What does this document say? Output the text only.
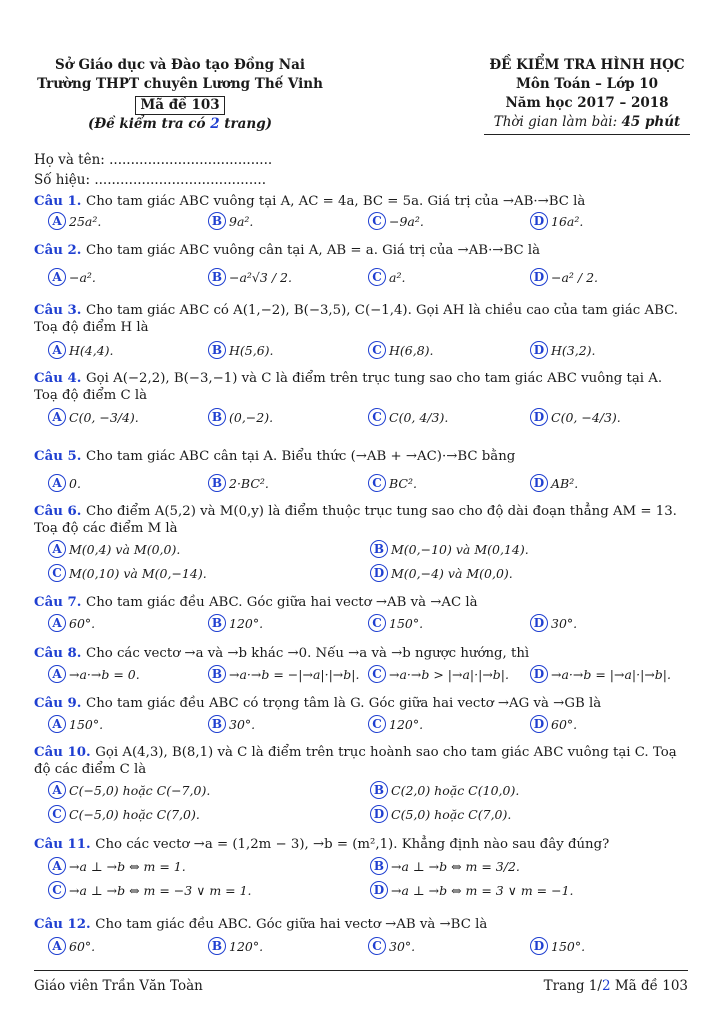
Sở Giáo dục và Đào tạo Đồng Nai
Trường THPT chuyên Lương Thế Vinh
Mã đề 103
(Đề kiểm tra có 2 trang)
ĐỀ KIỂM TRA HÌNH HỌC
Môn Toán – Lớp 10
Năm học 2017 – 2018
Thời gian làm bài: 45 phút
Họ và tên: ......................................
Số hiệu: ........................................
Câu 1. Cho tam giác ABC vuông tại A, AC = 4a, BC = 5a. Giá trị của →AB·→BC là
A 25a².	B 9a².	C −9a².	D 16a².
Câu 2. Cho tam giác ABC vuông cân tại A, AB = a. Giá trị của →AB·→BC là
A −a².	B −a²√3 / 2.	C a².	D −a² / 2.
Câu 3. Cho tam giác ABC có A(1,−2), B(−3,5), C(−1,4). Gọi AH là chiều cao của tam giác ABC. Toạ độ điểm H là
A H(4,4).	B H(5,6).	C H(6,8).	D H(3,2).
Câu 4. Gọi A(−2,2), B(−3,−1) và C là điểm trên trục tung sao cho tam giác ABC vuông tại A. Toạ độ điểm C là
A C(0, −3/4).	B (0,−2).	C C(0, 4/3).	D C(0, −4/3).
Câu 5. Cho tam giác ABC cân tại A. Biểu thức (→AB + →AC)·→BC bằng
A 0.	B 2·BC².	C BC².	D AB².
Câu 6. Cho điểm A(5,2) và M(0,y) là điểm thuộc trục tung sao cho độ dài đoạn thẳng AM = 13. Toạ độ các điểm M là
A M(0,4) và M(0,0).	B M(0,−10) và M(0,14).
C M(0,10) và M(0,−14).	D M(0,−4) và M(0,0).
Câu 7. Cho tam giác đều ABC. Góc giữa hai vectơ →AB và →AC là
A 60°.	B 120°.	C 150°.	D 30°.
Câu 8. Cho các vectơ →a và →b khác →0. Nếu →a và →b ngược hướng, thì
A →a·→b = 0.	B →a·→b = −|→a|·|→b|.	C →a·→b > |→a|·|→b|.	D →a·→b = |→a|·|→b|.
Câu 9. Cho tam giác đều ABC có trọng tâm là G. Góc giữa hai vectơ →AG và →GB là
A 150°.	B 30°.	C 120°.	D 60°.
Câu 10. Gọi A(4,3), B(8,1) và C là điểm trên trục hoành sao cho tam giác ABC vuông tại C. Toạ độ các điểm C là
A C(−5,0) hoặc C(−7,0).	B C(2,0) hoặc C(10,0).
C C(−5,0) hoặc C(7,0).	D C(5,0) hoặc C(7,0).
Câu 11. Cho các vectơ →a = (1,2m − 3), →b = (m²,1). Khẳng định nào sau đây đúng?
A →a ⊥ →b ⇔ m = 1.	B →a ⊥ →b ⇔ m = 3/2.
C →a ⊥ →b ⇔ m = −3 ∨ m = 1.	D →a ⊥ →b ⇔ m = 3 ∨ m = −1.
Câu 12. Cho tam giác đều ABC. Góc giữa hai vectơ →AB và →BC là
A 60°.	B 120°.	C 30°.	D 150°.
Giáo viên Trần Văn Toàn	Trang 1/2 Mã đề 103
